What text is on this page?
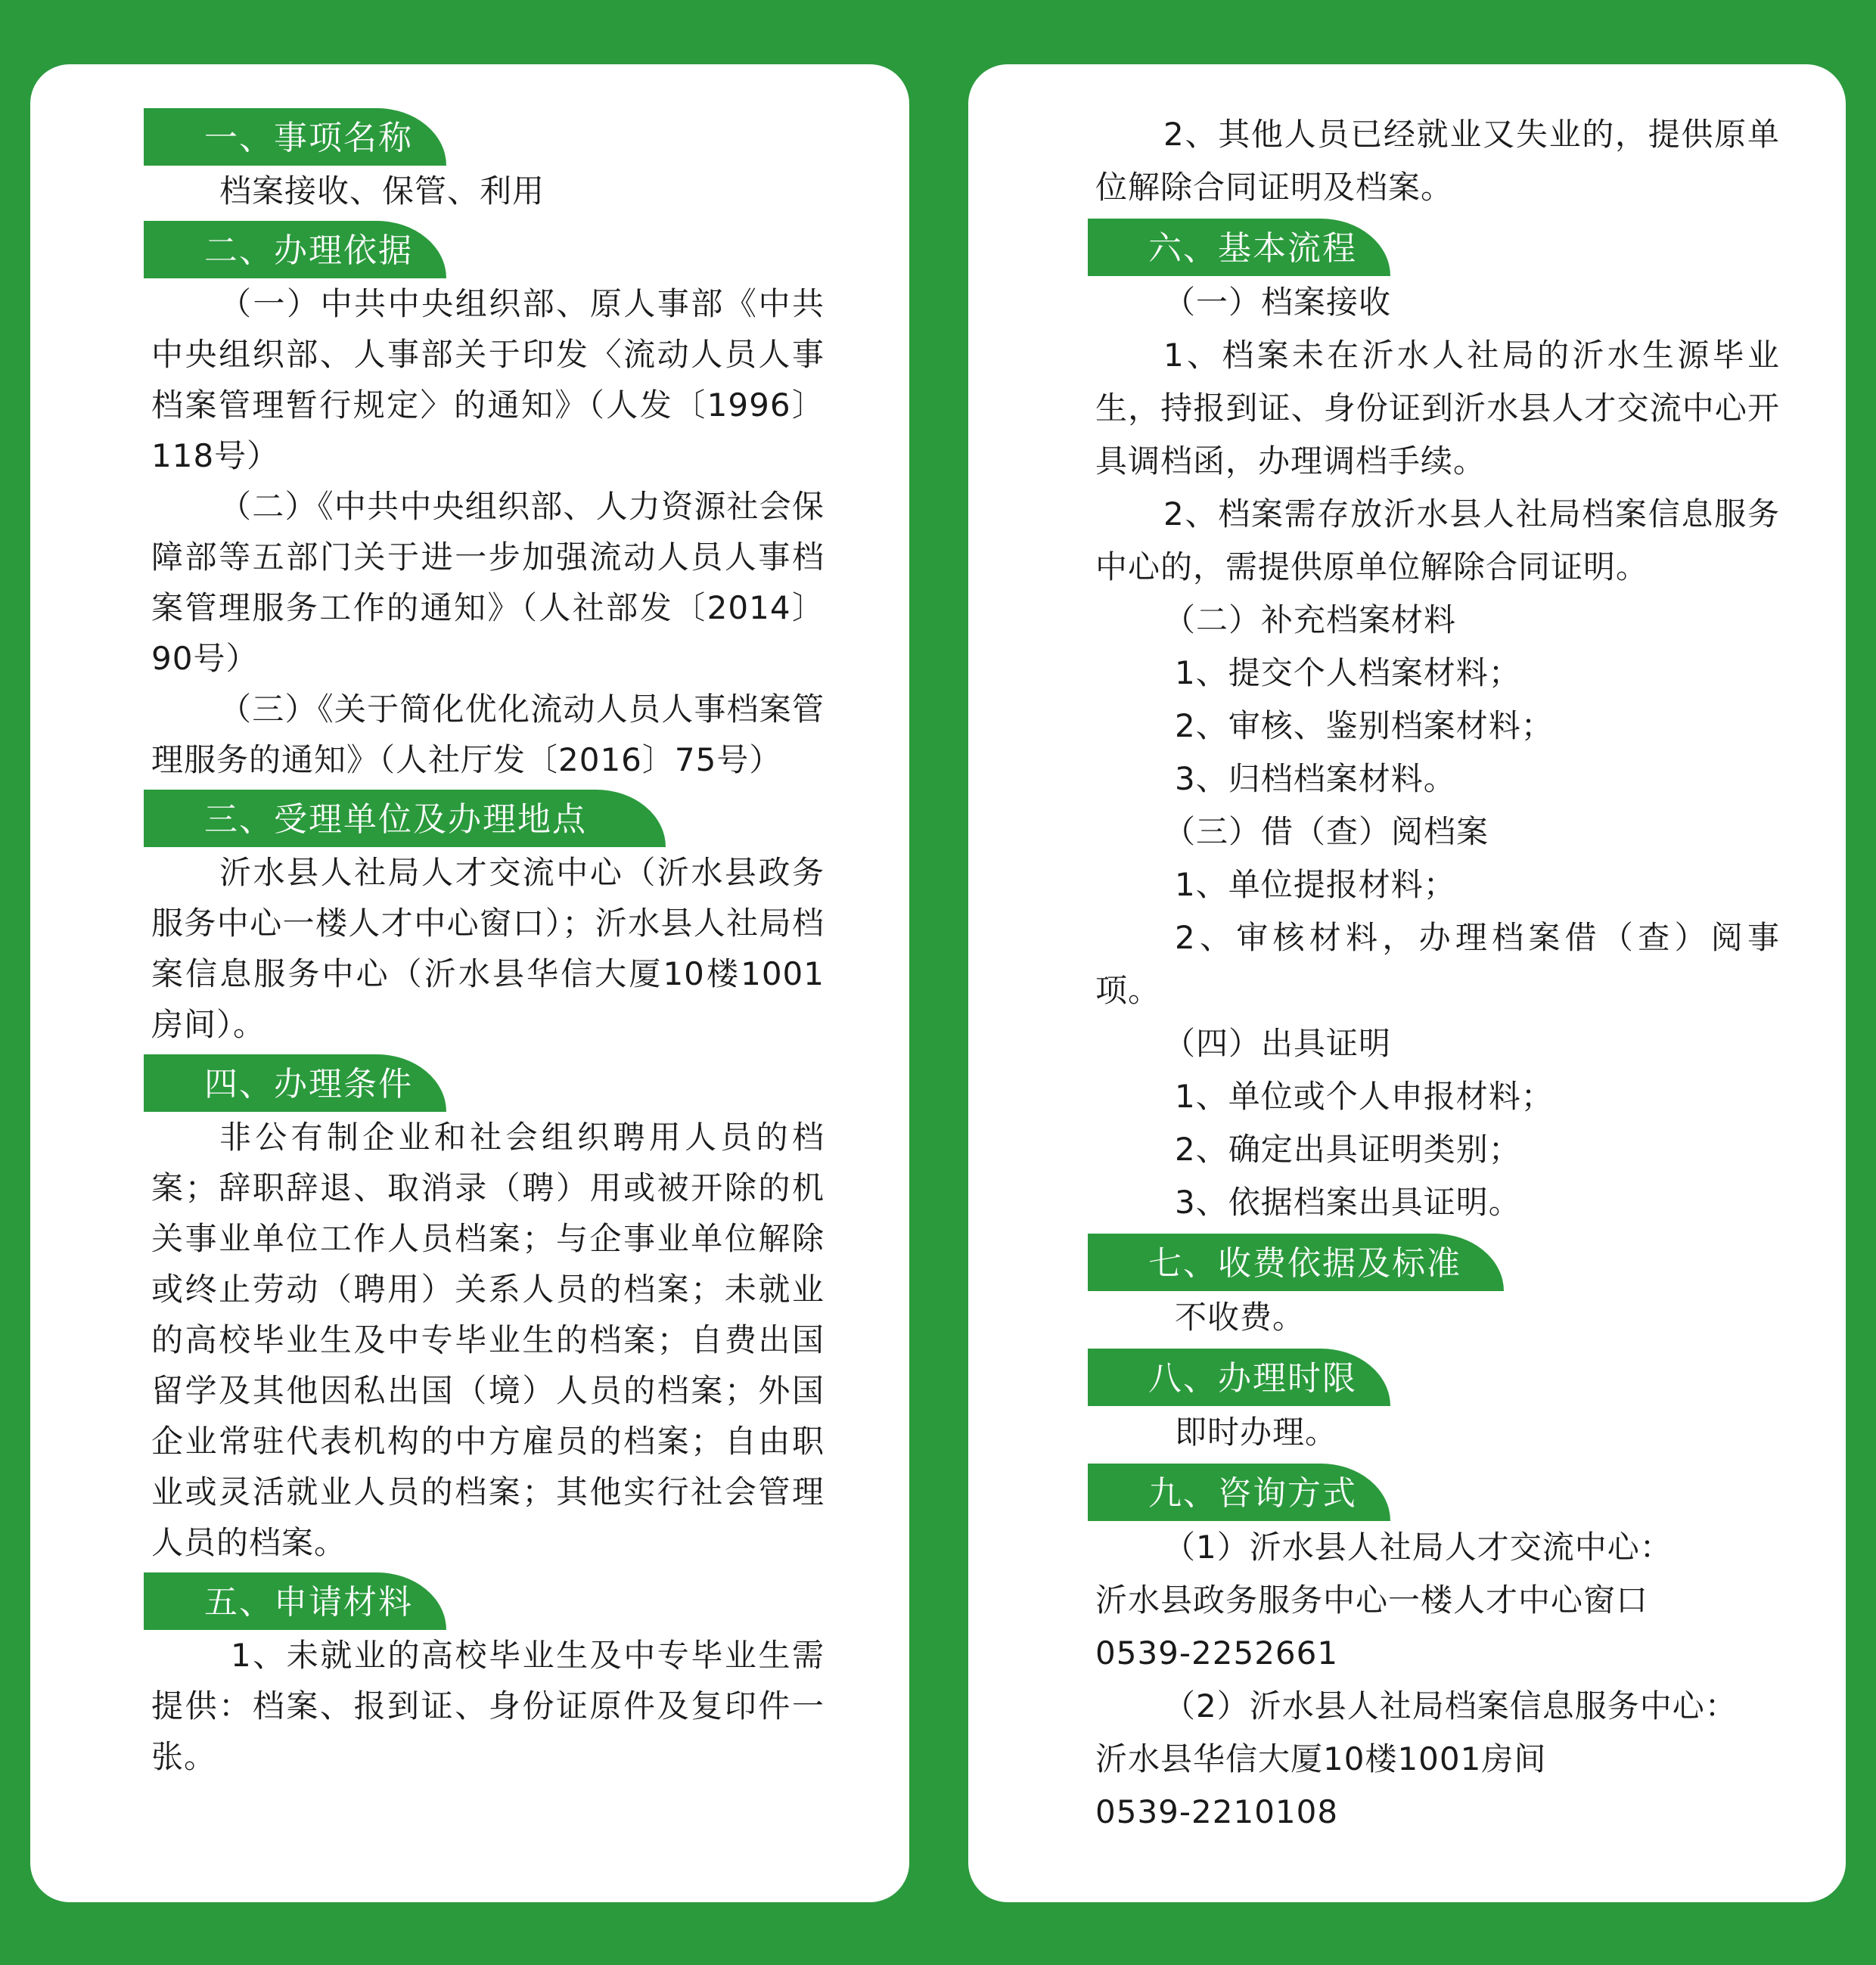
一、事项名称

档案接收、保管、利用

二、办理依据

（一）中共中央组织部、原人事部《中共中央组织部、人事部关于印发〈流动人员人事档案管理暂行规定〉的通知》（人发〔1996〕118号）

（二）《中共中央组织部、人力资源社会保障部等五部门关于进一步加强流动人员人事档案管理服务工作的通知》（人社部发〔2014〕90号）

（三）《关于简化优化流动人员人事档案管理服务的通知》（人社厅发〔2016〕75号）

三、受理单位及办理地点

沂水县人社局人才交流中心（沂水县政务服务中心一楼人才中心窗口）；沂水县人社局档案信息服务中心（沂水县华信大厦10楼1001房间）。

四、办理条件

非公有制企业和社会组织聘用人员的档案；辞职辞退、取消录（聘）用或被开除的机关事业单位工作人员档案；与企事业单位解除或终止劳动（聘用）关系人员的档案；未就业的高校毕业生及中专毕业生的档案；自费出国留学及其他因私出国（境）人员的档案；外国企业常驻代表机构的中方雇员的档案；自由职业或灵活就业人员的档案；其他实行社会管理人员的档案。

五、申请材料

1、未就业的高校毕业生及中专毕业生需提供：档案、报到证、身份证原件及复印件一张。

2、其他人员已经就业又失业的，提供原单位解除合同证明及档案。

六、基本流程

（一）档案接收

1、档案未在沂水人社局的沂水生源毕业生，持报到证、身份证到沂水县人才交流中心开具调档函，办理调档手续。

2、档案需存放沂水县人社局档案信息服务中心的，需提供原单位解除合同证明。

（二）补充档案材料

1、提交个人档案材料；

2、审核、鉴别档案材料；

3、归档档案材料。

（三）借（查）阅档案

1、单位提报材料；

2、审核材料，办理档案借（查）阅事项。

（四）出具证明

1、单位或个人申报材料；

2、确定出具证明类别；

3、依据档案出具证明。

七、收费依据及标准

不收费。

八、办理时限

即时办理。

九、咨询方式

（1）沂水县人社局人才交流中心：

沂水县政务服务中心一楼人才中心窗口

0539-2252661

（2）沂水县人社局档案信息服务中心：

沂水县华信大厦10楼1001房间

0539-2210108
